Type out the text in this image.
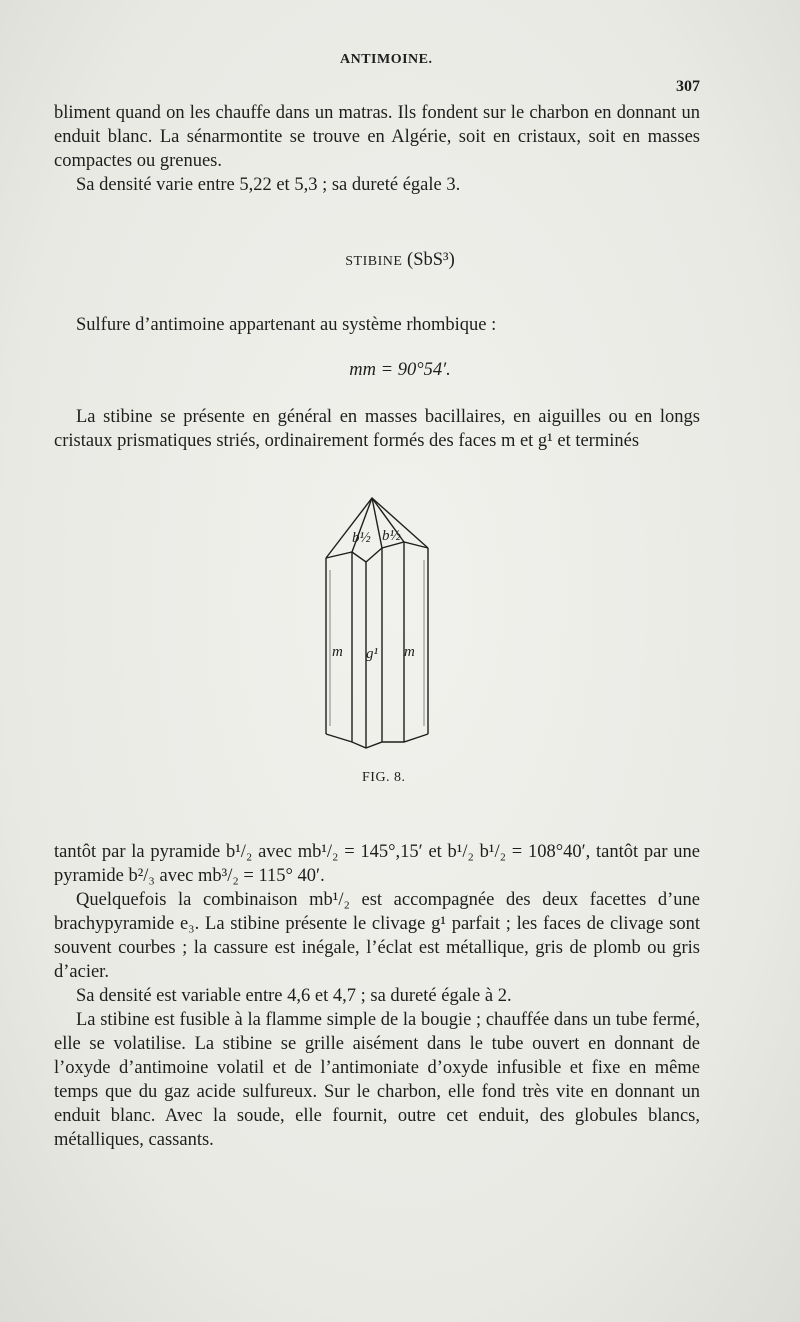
ANTIMOINE.
307

bliment quand on les chauffe dans un matras. Ils fondent sur le charbon en donnant un enduit blanc. La sénarmontite se trouve en Algérie, soit en cristaux, soit en masses compactes ou grenues.

Sa densité varie entre 5,22 et 5,3 ; sa dureté égale 3.

STIBINE (SbS³)

Sulfure d’antimoine appartenant au système rhombique :

mm = 90°54′.

La stibine se présente en général en masses bacillaires, en aiguilles ou en longs cristaux prismatiques striés, ordinairement formés des faces m et g¹ et terminés

b½ b½
m g¹ m
FIG. 8.

tantôt par la pyramide b¹/₂ avec mb¹/₂ = 145°,15′ et b¹/₂ b¹/₂ = 108°40′, tantôt par une pyramide b²/₃ avec mb³/₂ = 115° 40′.

Quelquefois la combinaison mb¹/₂ est accompagnée des deux facettes d’une brachypyramide e₃. La stibine présente le clivage g¹ parfait ; les faces de clivage sont souvent courbes ; la cassure est inégale, l’éclat est métallique, gris de plomb ou gris d’acier.

Sa densité est variable entre 4,6 et 4,7 ; sa dureté égale à 2.

La stibine est fusible à la flamme simple de la bougie ; chauffée dans un tube fermé, elle se volatilise. La stibine se grille aisément dans le tube ouvert en donnant de l’oxyde d’antimoine volatil et de l’antimoniate d’oxyde infusible et fixe en même temps que du gaz acide sulfureux. Sur le charbon, elle fond très vite en donnant un enduit blanc. Avec la soude, elle fournit, outre cet enduit, des globules blancs, métalliques, cassants.
